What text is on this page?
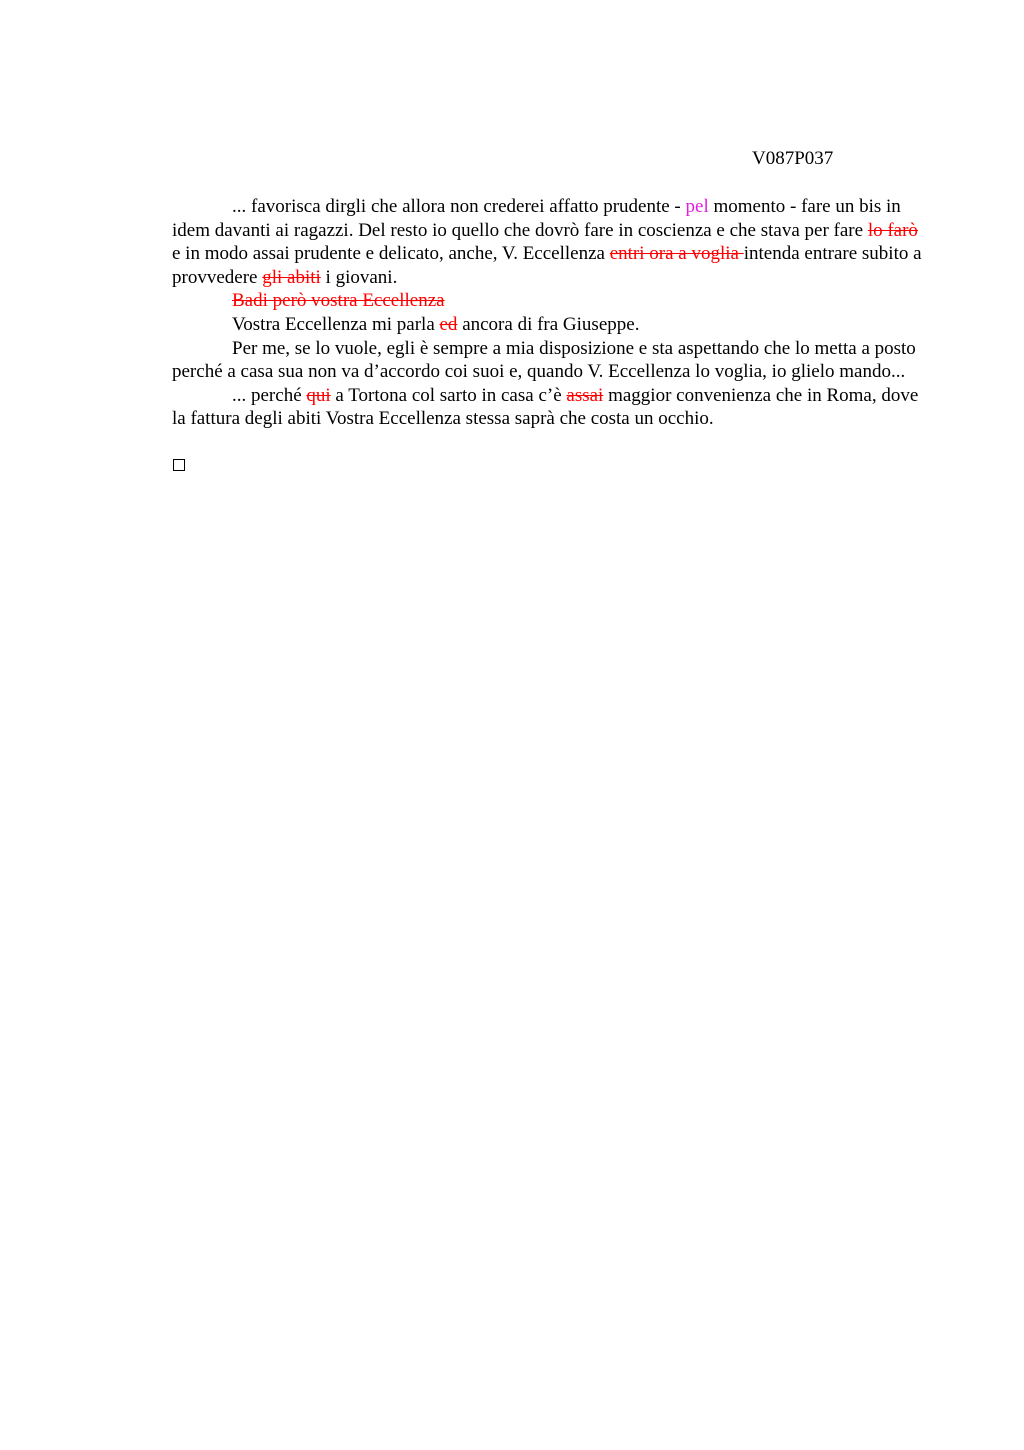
V087P037

... favorisca dirgli che allora non crederei affatto prudente - pel momento - fare un bis in idem davanti ai ragazzi. Del resto io quello che dovrò fare in coscienza e che stava per fare lo farò e in modo assai prudente e delicato, anche, V. Eccellenza entri ora a voglia intenda entrare subito a provvedere gli abiti i giovani.

Badi però vostra Eccellenza

Vostra Eccellenza mi parla ed ancora di fra Giuseppe.

Per me, se lo vuole, egli è sempre a mia disposizione e sta aspettando che lo metta a posto perché a casa sua non va d’accordo coi suoi e, quando V. Eccellenza lo voglia, io glielo mando...

... perché qui a Tortona col sarto in casa c’è assai maggior convenienza che in Roma, dove la fattura degli abiti Vostra Eccellenza stessa saprà che costa un occhio.
